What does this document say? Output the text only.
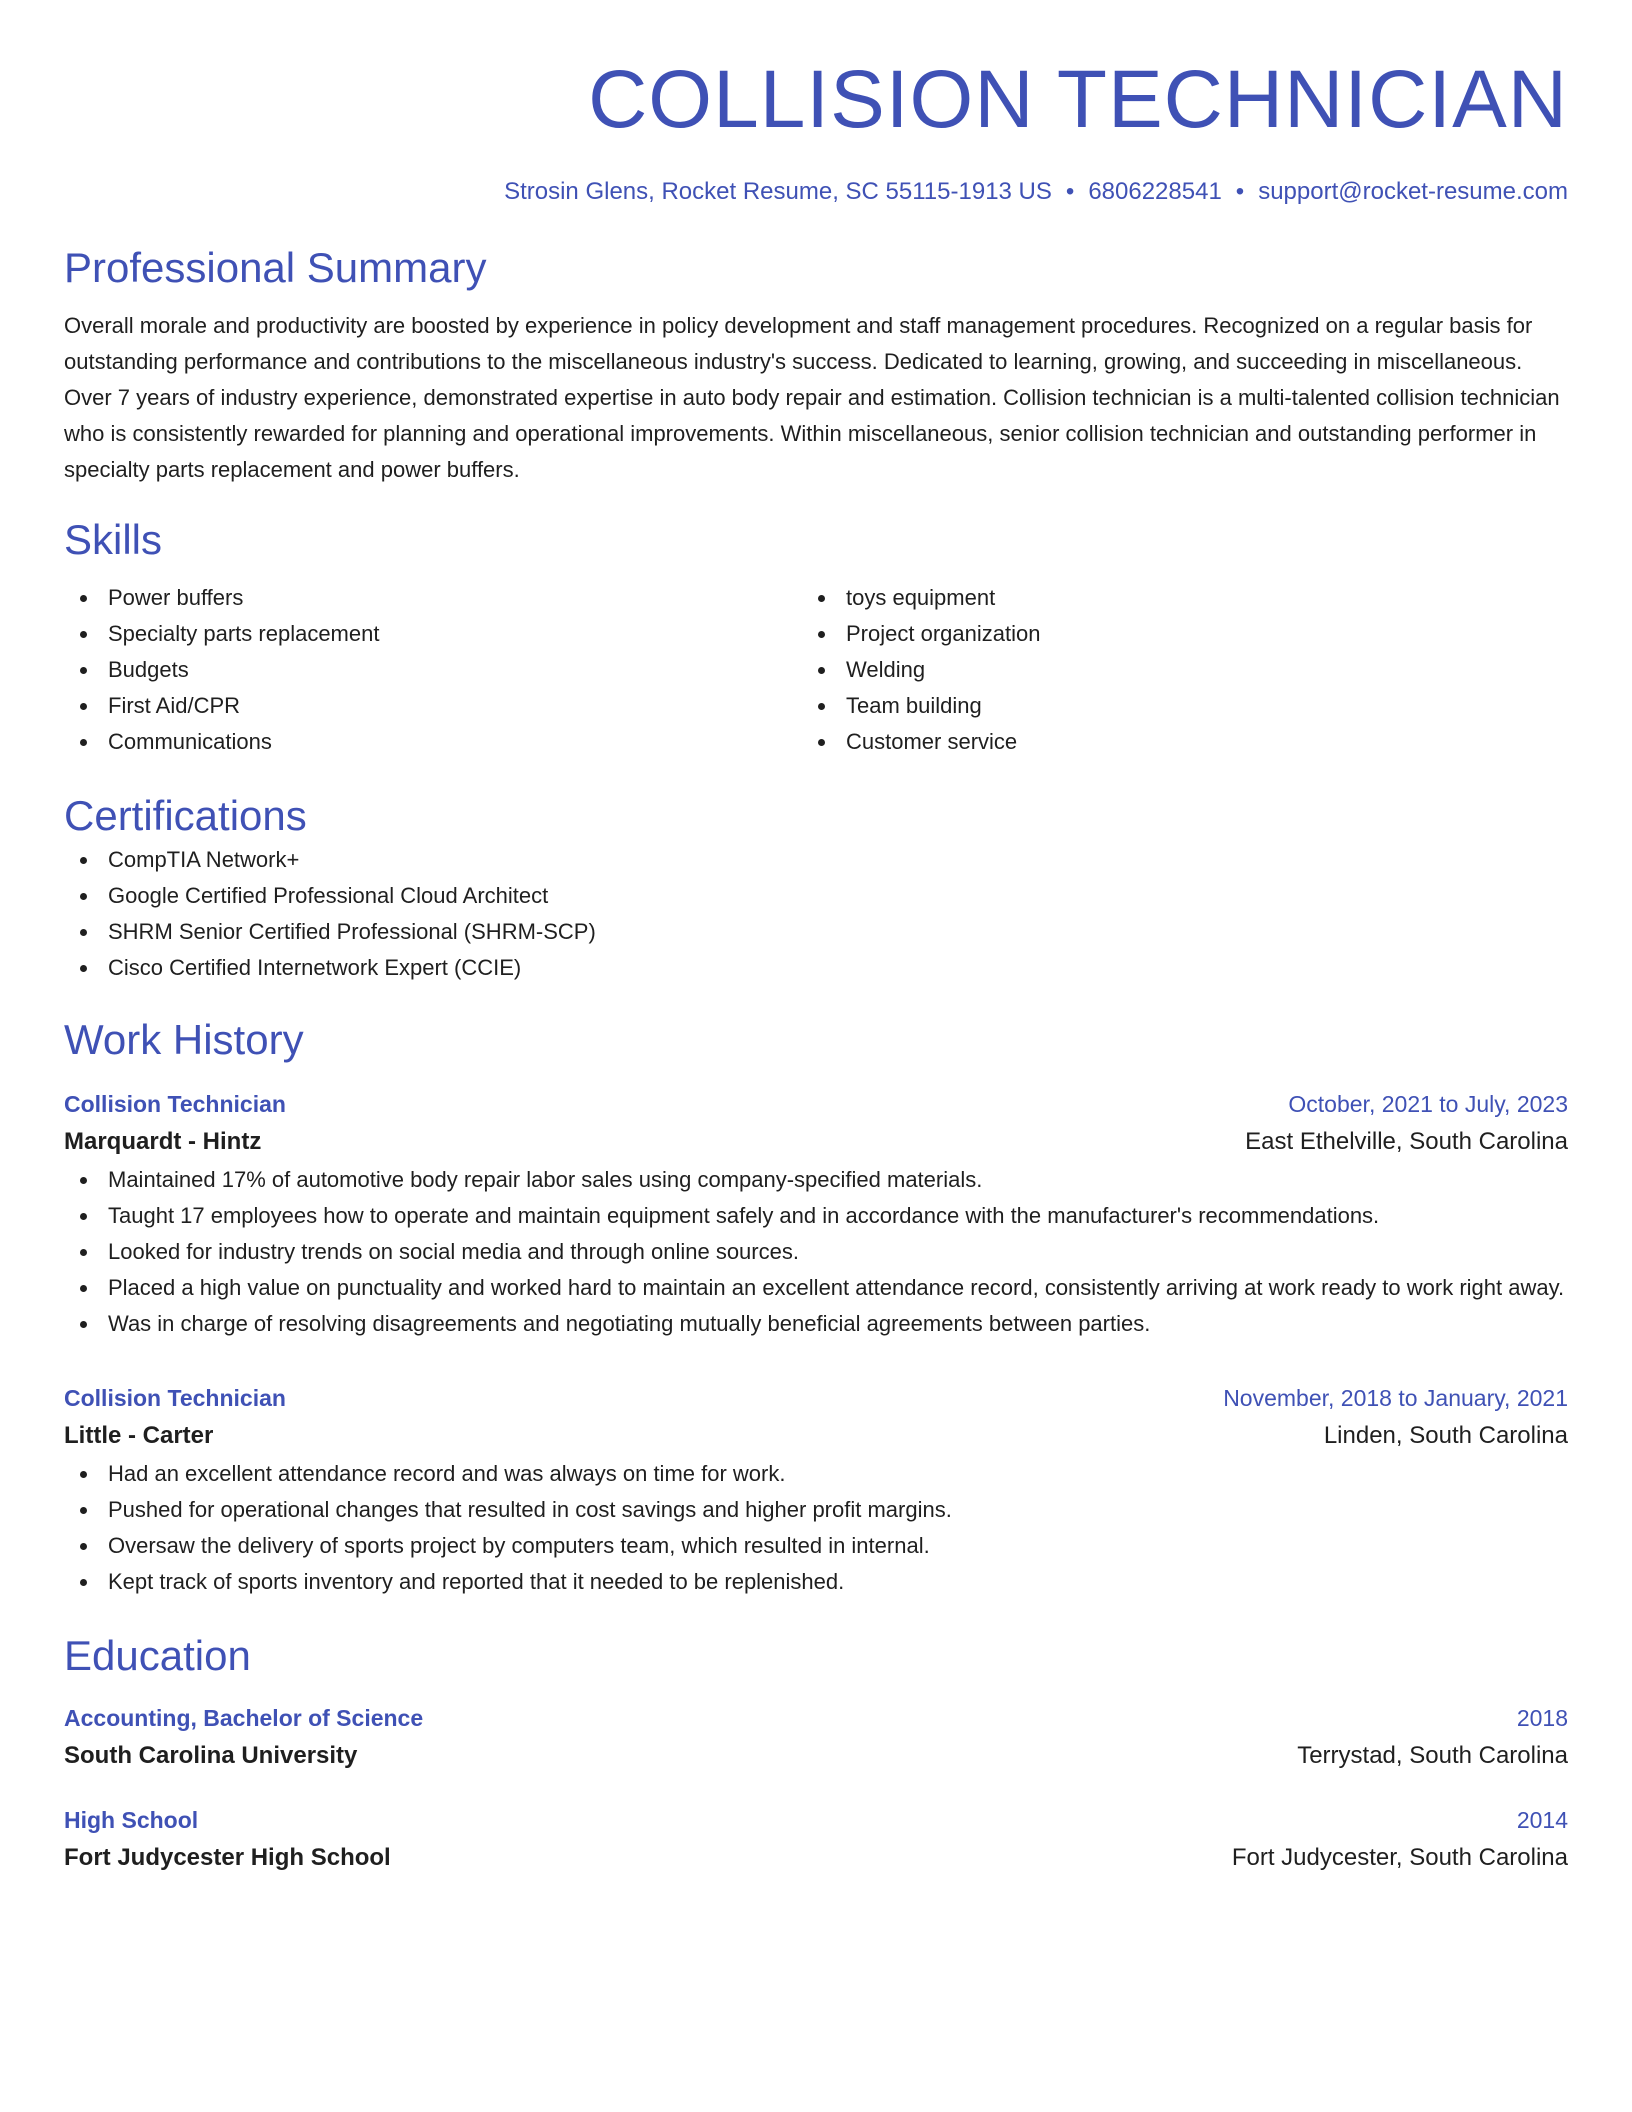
COLLISION TECHNICIAN
Strosin Glens, Rocket Resume, SC 55115-1913 US • 6806228541 • support@rocket-resume.com
Professional Summary
Overall morale and productivity are boosted by experience in policy development and staff management procedures. Recognized on a regular basis for outstanding performance and contributions to the miscellaneous industry's success. Dedicated to learning, growing, and succeeding in miscellaneous. Over 7 years of industry experience, demonstrated expertise in auto body repair and estimation. Collision technician is a multi-talented collision technician who is consistently rewarded for planning and operational improvements. Within miscellaneous, senior collision technician and outstanding performer in specialty parts replacement and power buffers.
Skills
Power buffers
Specialty parts replacement
Budgets
First Aid/CPR
Communications
toys equipment
Project organization
Welding
Team building
Customer service
Certifications
CompTIA Network+
Google Certified Professional Cloud Architect
SHRM Senior Certified Professional (SHRM-SCP)
Cisco Certified Internetwork Expert (CCIE)
Work History
Collision Technician	October, 2021 to July, 2023
Marquardt - Hintz	East Ethelville, South Carolina
Maintained 17% of automotive body repair labor sales using company-specified materials.
Taught 17 employees how to operate and maintain equipment safely and in accordance with the manufacturer's recommendations.
Looked for industry trends on social media and through online sources.
Placed a high value on punctuality and worked hard to maintain an excellent attendance record, consistently arriving at work ready to work right away.
Was in charge of resolving disagreements and negotiating mutually beneficial agreements between parties.
Collision Technician	November, 2018 to January, 2021
Little - Carter	Linden, South Carolina
Had an excellent attendance record and was always on time for work.
Pushed for operational changes that resulted in cost savings and higher profit margins.
Oversaw the delivery of sports project by computers team, which resulted in internal.
Kept track of sports inventory and reported that it needed to be replenished.
Education
Accounting, Bachelor of Science	2018
South Carolina University	Terrystad, South Carolina
High School	2014
Fort Judycester High School	Fort Judycester, South Carolina
